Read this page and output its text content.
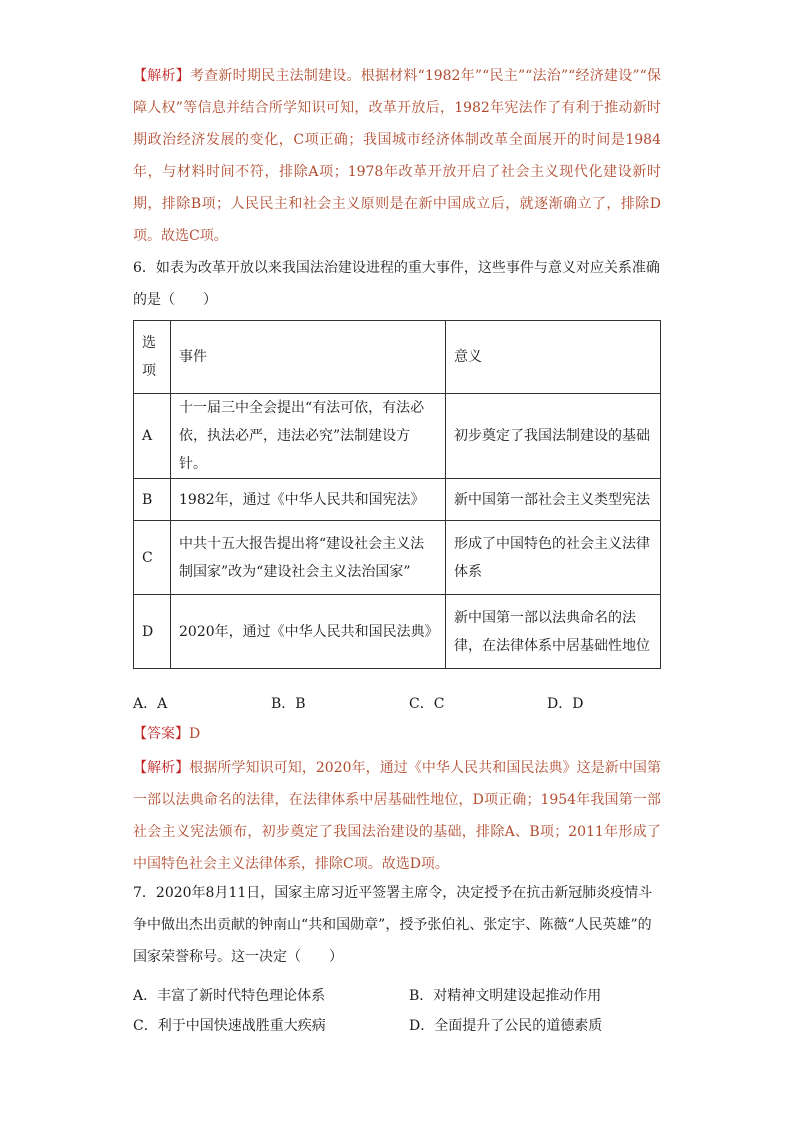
【解析】考查新时期民主法制建设。根据材料“1982年”“民主”“法治”“经济建设”“保障人权”等信息并结合所学知识可知，改革开放后，1982年宪法作了有利于推动新时期政治经济发展的变化，C项正确；我国城市经济体制改革全面展开的时间是1984年，与材料时间不符，排除A项；1978年改革开放开启了社会主义现代化建设新时期，排除B项；人民民主和社会主义原则是在新中国成立后，就逐渐确立了，排除D项。故选C项。

6．如表为改革开放以来我国法治建设进程的重大事件，这些事件与意义对应关系准确的是（　　）

选项	事件	意义
A	十一届三中全会提出“有法可依，有法必依，执法必严，违法必究”法制建设方针。	初步奠定了我国法制建设的基础
B	1982年，通过《中华人民共和国宪法》	新中国第一部社会主义类型宪法
C	中共十五大报告提出将“建设社会主义法制国家”改为“建设社会主义法治国家”	形成了中国特色的社会主义法律体系
D	2020年，通过《中华人民共和国民法典》	新中国第一部以法典命名的法律，在法律体系中居基础性地位
A．A	B．B	C．C	D．D

【答案】D

【解析】根据所学知识可知，2020年，通过《中华人民共和国民法典》这是新中国第一部以法典命名的法律，在法律体系中居基础性地位，D项正确；1954年我国第一部社会主义宪法颁布，初步奠定了我国法治建设的基础，排除A、B项；2011年形成了中国特色社会主义法律体系，排除C项。故选D项。

7．2020年8月11日，国家主席习近平签署主席令，决定授予在抗击新冠肺炎疫情斗争中做出杰出贡献的钟南山“共和国勋章”，授予张伯礼、张定宇、陈薇“人民英雄”的国家荣誉称号。这一决定（　　）

A．丰富了新时代特色理论体系	B．对精神文明建设起推动作用
C．利于中国快速战胜重大疾病	D．全面提升了公民的道德素质
